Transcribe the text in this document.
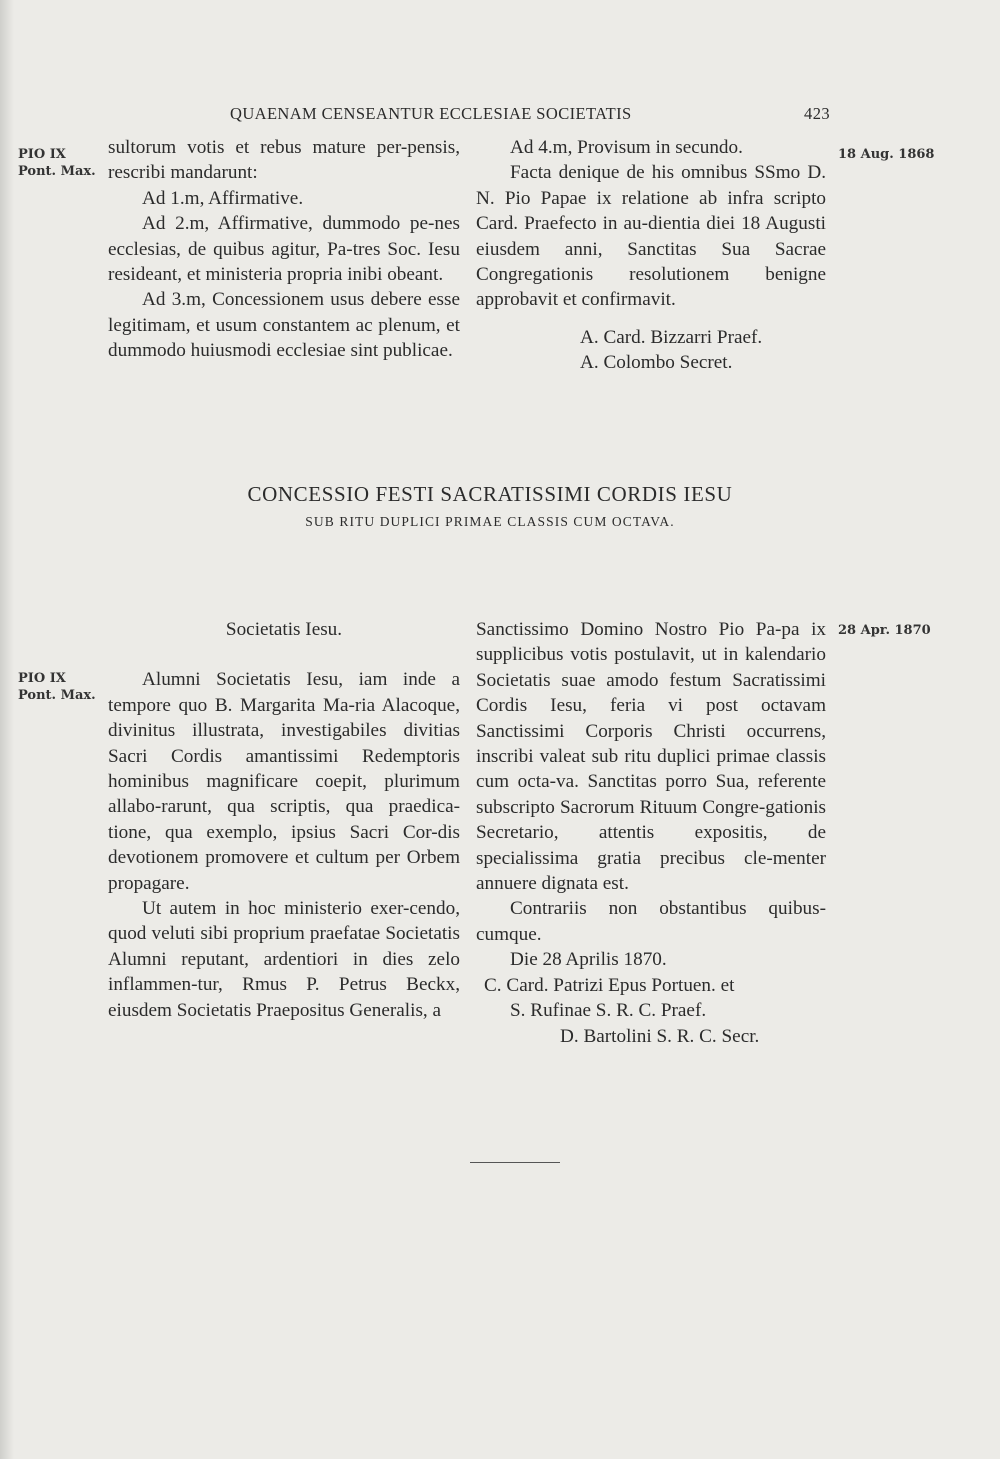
QUAENAM CENSEANTUR ECCLESIAE SOCIETATIS	423
PIO IX
Pont. Max.
18 Aug. 1868
PIO IX
Pont. Max.
28 Apr. 1870

sultorum votis et rebus mature per-pensis, rescribi mandarunt:

Ad 1.m, Affirmative.

Ad 2.m, Affirmative, dummodo pe-nes ecclesias, de quibus agitur, Pa-tres Soc. Iesu resideant, et ministeria propria inibi obeant.

Ad 3.m, Concessionem usus debere esse legitimam, et usum constantem ac plenum, et dummodo huiusmodi ecclesiae sint publicae.

Ad 4.m, Provisum in secundo.

Facta denique de his omnibus SSmo D. N. Pio Papae ix relatione ab infra scripto Card. Praefecto in au-dientia diei 18 Augusti eiusdem anni, Sanctitas Sua Sacrae Congregationis resolutionem benigne approbavit et confirmavit.

A. Card. Bizzarri Praef.

A. Colombo Secret.

CONCESSIO FESTI SACRATISSIMI CORDIS IESU
SUB RITU DUPLICI PRIMAE CLASSIS CUM OCTAVA.

Societatis Iesu.

Alumni Societatis Iesu, iam inde a tempore quo B. Margarita Ma-ria Alacoque, divinitus illustrata, investigabiles divitias Sacri Cordis amantissimi Redemptoris hominibus magnificare coepit, plurimum allabo-rarunt, qua scriptis, qua praedica-tione, qua exemplo, ipsius Sacri Cor-dis devotionem promovere et cultum per Orbem propagare.

Ut autem in hoc ministerio exer-cendo, quod veluti sibi proprium praefatae Societatis Alumni reputant, ardentiori in dies zelo inflammen-tur, Rmus P. Petrus Beckx, eiusdem Societatis Praepositus Generalis, a

Sanctissimo Domino Nostro Pio Pa-pa ix supplicibus votis postulavit, ut in kalendario Societatis suae amodo festum Sacratissimi Cordis Iesu, feria vi post octavam Sanctissimi Corporis Christi occurrens, inscribi valeat sub ritu duplici primae classis cum octa-va. Sanctitas porro Sua, referente subscripto Sacrorum Rituum Congre-gationis Secretario, attentis expositis, de specialissima gratia precibus cle-menter annuere dignata est.

Contrariis non obstantibus quibus-cumque.

Die 28 Aprilis 1870.

C. Card. Patrizi Epus Portuen. et

S. Rufinae S. R. C. Praef.

D. Bartolini S. R. C. Secr.
